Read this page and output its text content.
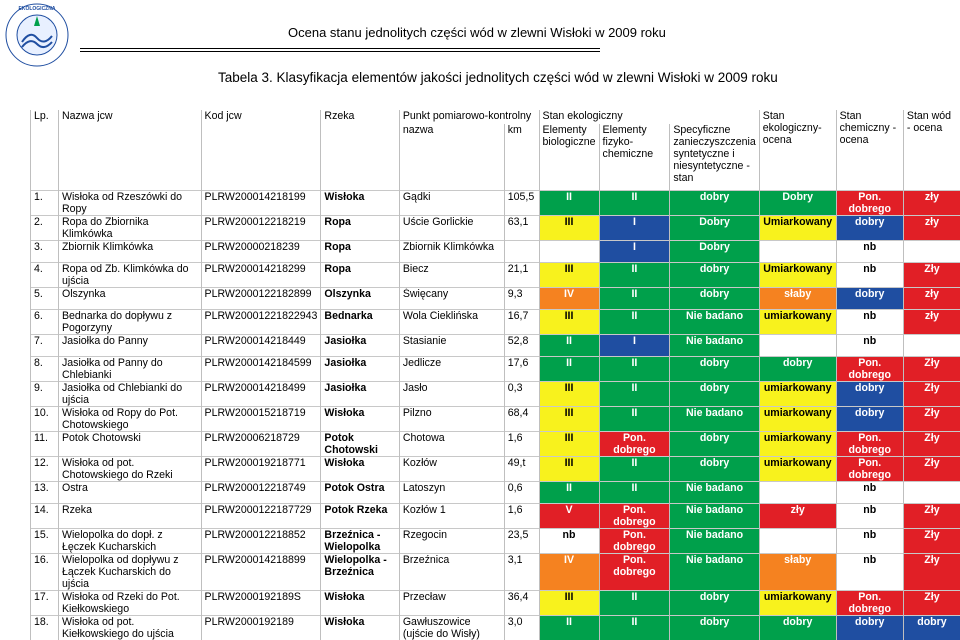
EKOLOGICZNA
Ocena stanu jednolitych części wód w zlewni Wisłoki w 2009 roku
Tabela 3. Klasyfikacja elementów jakości jednolitych części wód w zlewni Wisłoki w 2009 roku
Lp.	Nazwa jcw	Kod jcw	Rzeka	Punkt pomiarowo-kontrolny		Stan ekologiczny			Stan ekologiczny-ocena	Stan chemiczny - ocena	Stan wód - ocena
				nazwa	km	Elementy biologiczne	Elementy fizyko-chemiczne	Specyficzne zanieczyszczenia syntetyczne i niesyntetyczne - stan			
1.	Wisłoka od Rzeszówki do Ropy	PLRW200014218199	Wisłoka	Gądki	105,5	II	II	dobry	Dobry	Pon. dobrego	zły
2.	Ropa do Zbiornika Klimkówka	PLRW200012218219	Ropa	Uście Gorlickie	63,1	III	I	Dobry	Umiarkowany	dobry	zły
3.	Zbiornik Klimkówka	PLRW20000218239	Ropa	Zbiornik Klimkówka			I	Dobry		nb	
4.	Ropa od Zb. Klimkówka do ujścia	PLRW200014218299	Ropa	Biecz	21,1	III	II	dobry	Umiarkowany	nb	Zły
5.	Olszynka	PLRW2000122182899	Olszynka	Święcany	9,3	IV	II	dobry	słaby	dobry	zły
6.	Bednarka do dopływu z Pogorzyny	PLRW20001221822943	Bednarka	Wola Cieklińska	16,7	III	II	Nie badano	umiarkowany	nb	zły
7.	Jasiołka do Panny	PLRW200014218449	Jasiołka	Stasianie	52,8	II	I	Nie badano		nb	
8.	Jasiołka od Panny do Chlebianki	PLRW2000142184599	Jasiołka	Jedlicze	17,6	II	II	dobry	dobry	Pon. dobrego	Zły
9.	Jasiołka od Chlebianki do ujścia	PLRW200014218499	Jasiołka	Jasło	0,3	III	II	dobry	umiarkowany	dobry	Zły
10.	Wisłoka od Ropy do Pot. Chotowskiego	PLRW200015218719	Wisłoka	Pilzno	68,4	III	II	Nie badano	umiarkowany	dobry	Zły
11.	Potok Chotowski	PLRW20006218729	Potok Chotowski	Chotowa	1,6	III	Pon. dobrego	dobry	umiarkowany	Pon. dobrego	Zły
12.	Wisłoka od pot. Chotowskiego do Rzeki	PLRW200019218771	Wisłoka	Kozłów	49,t	III	II	dobry	umiarkowany	Pon. dobrego	Zły
13.	Ostra	PLRW200012218749	Potok Ostra	Latoszyn	0,6	II	II	Nie badano		nb	
14.	Rzeka	PLRW2000122187729	Potok Rzeka	Kozłów 1	1,6	V	Pon. dobrego	Nie badano	zły	nb	Zły
15.	Wielopolka do dopł. z Łęczek Kucharskich	PLRW200012218852	Brzeźnica - Wielopolka	Rzegocin	23,5	nb	Pon. dobrego	Nie badano		nb	Zły
16.	Wielopolka od dopływu z Łączek Kucharskich do ujścia	PLRW200014218899	Wielopolka - Brzeźnica	Brzeźnica	3,1	IV	Pon. dobrego	Nie badano	słaby	nb	Zły
17.	Wisłoka od Rzeki do Pot. Kiełkowskiego	PLRW2000192189S	Wisłoka	Przecław	36,4	III	II	dobry	umiarkowany	Pon. dobrego	Zły
18.	Wisłoka od pot. Kiełkowskiego do ujścia	PLRW2000192189	Wisłoka	Gawłuszowice (ujście do Wisły)	3,0	II	II	dobry	dobry	dobry	dobry
